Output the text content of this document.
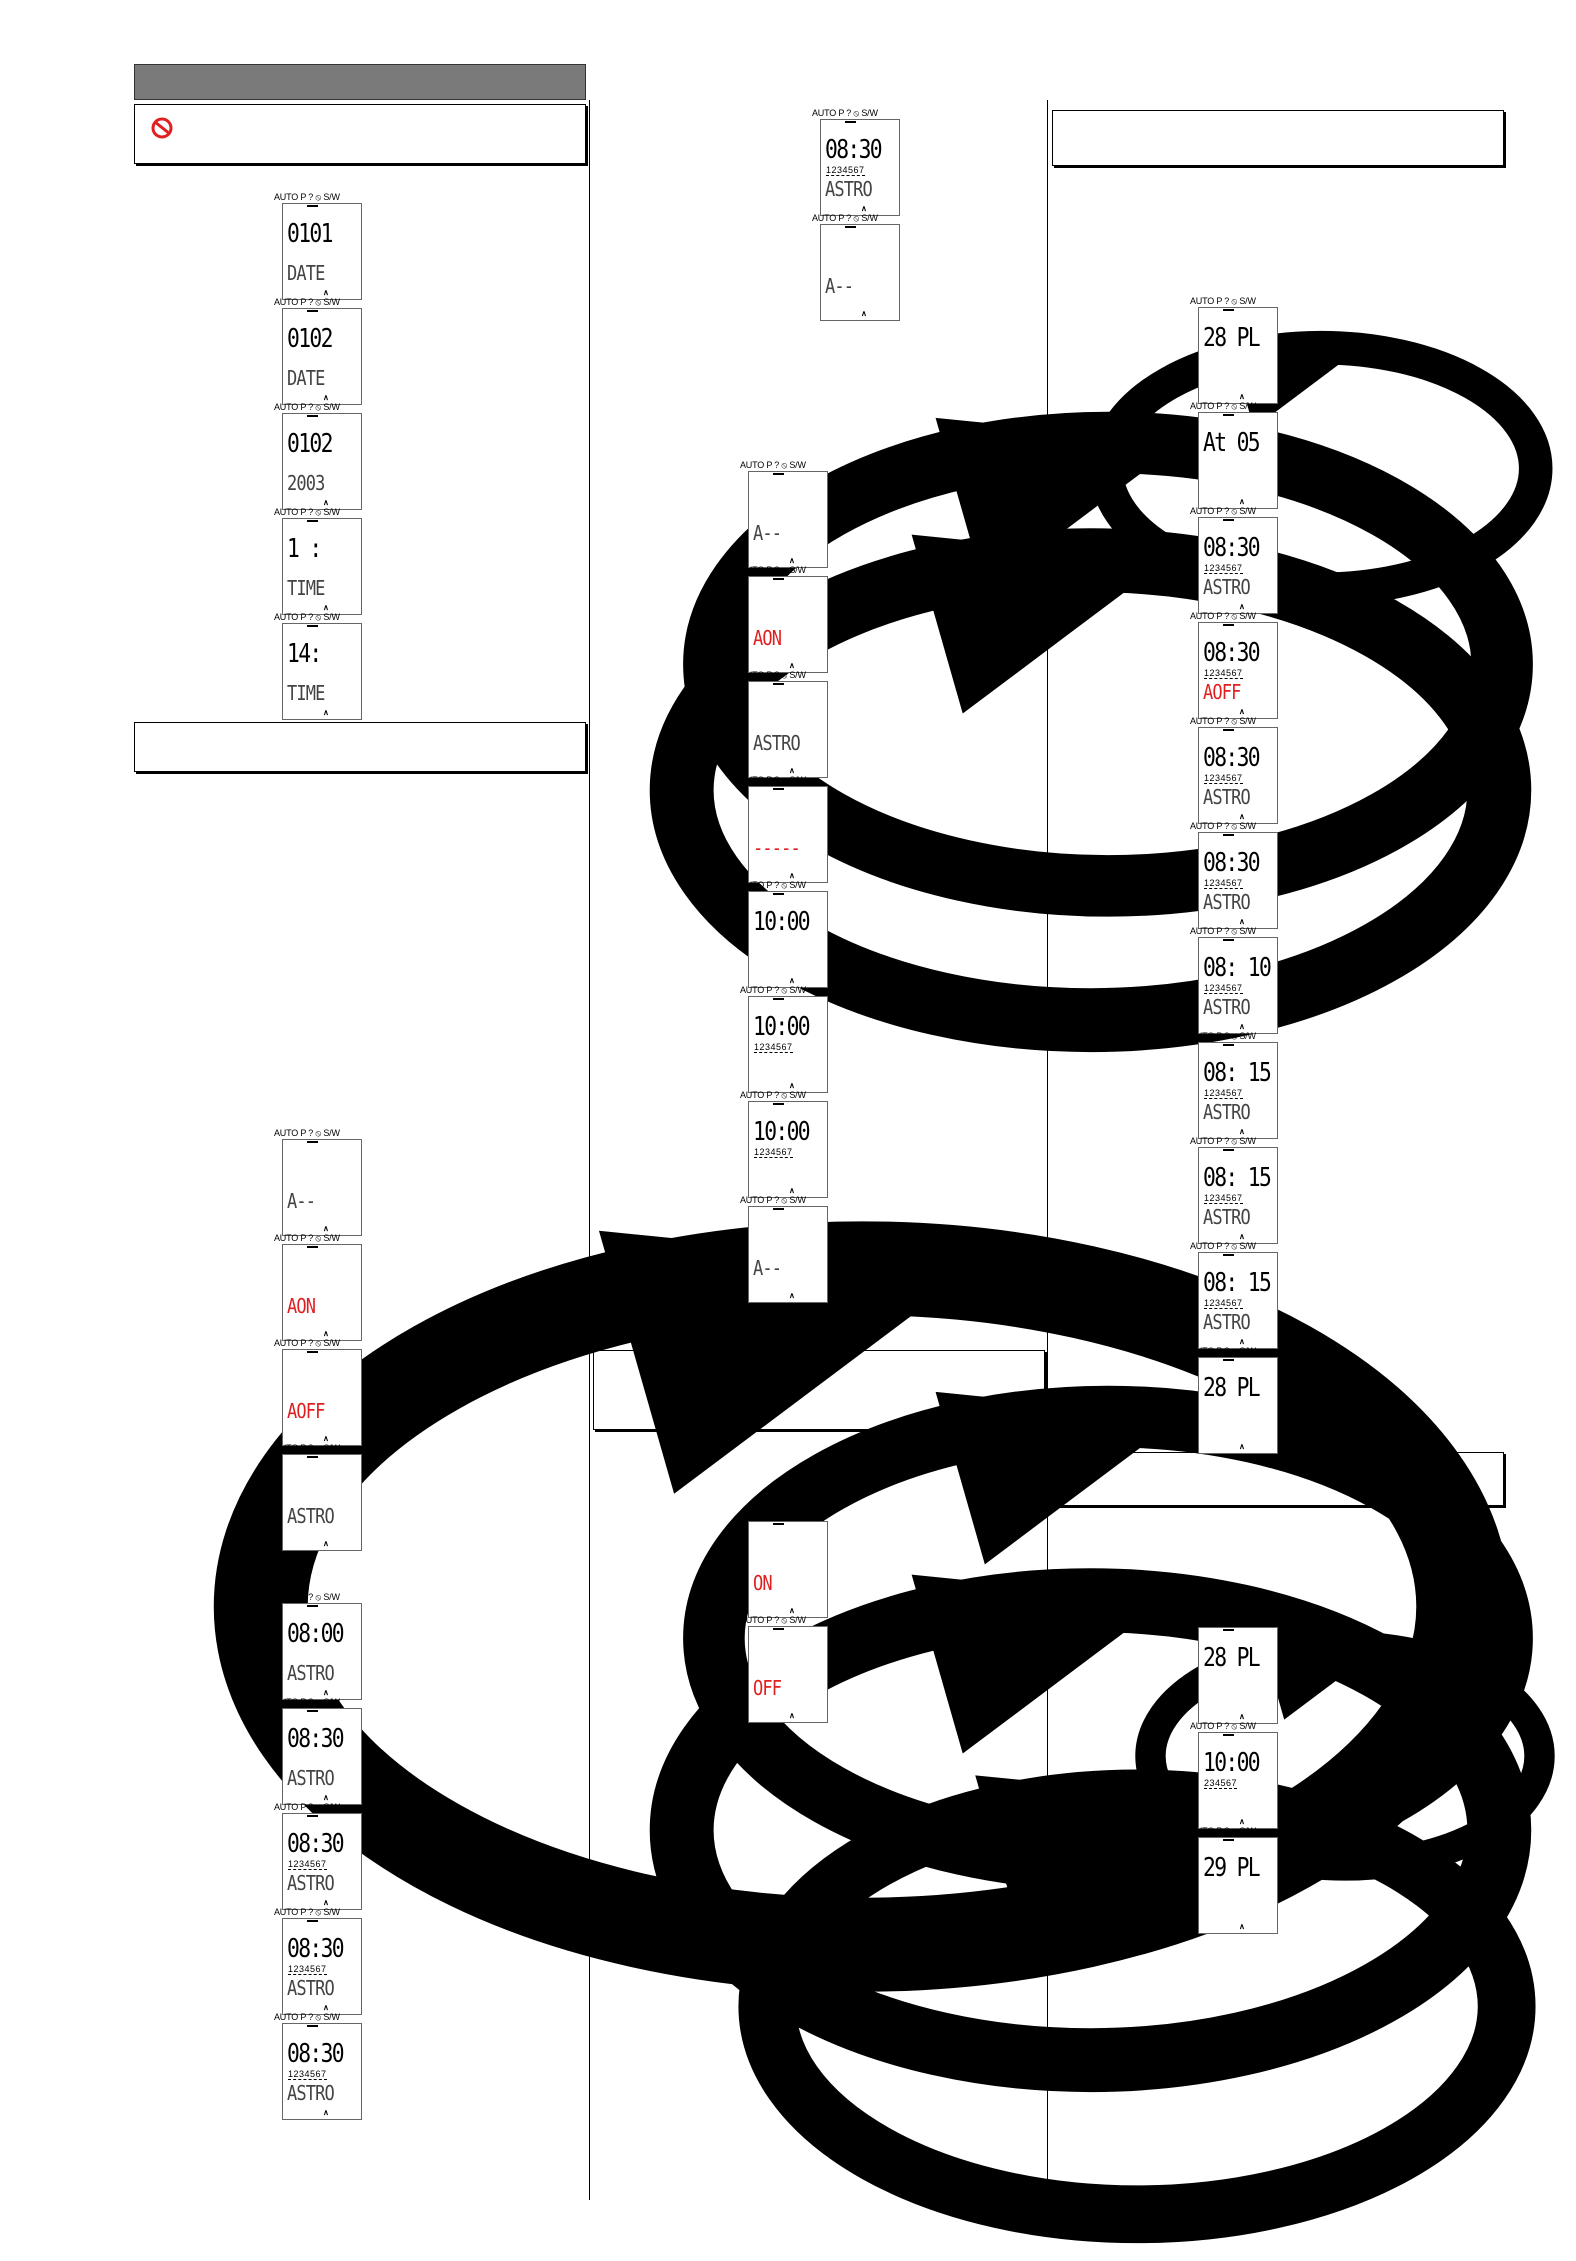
AUTO P ? ⦸ S/W
0101
DATE
∧
AUTO P ? ⦸ S/W
0102
DATE
∧
AUTO P ? ⦸ S/W
0102
2003
∧
AUTO P ? ⦸ S/W
1 :
TIME
∧
AUTO P ? ⦸ S/W
14:
TIME
∧
AUTO P ? ⦸ S/W
A--
∧
AUTO P ? ⦸ S/W
AON
∧
AUTO P ? ⦸ S/W
AOFF
∧
AUTO P ? ⦸ S/W
ASTRO
∧
AUTO P ? ⦸ S/W
08:00
ASTRO
∧
AUTO P ? ⦸ S/W
08:30
ASTRO
∧
AUTO P ? ⦸ S/W
08:30
1234567
ASTRO
∧
AUTO P ? ⦸ S/W
08:30
1234567
ASTRO
∧
AUTO P ? ⦸ S/W
08:30
1234567
ASTRO
∧
AUTO P ? ⦸ S/W
08:30
1234567
ASTRO
∧
AUTO P ? ⦸ S/W
A--
∧
AUTO P ? ⦸ S/W
A--
∧
AUTO P ? ⦸ S/W
AON
∧
AUTO P ? ⦸ S/W
ASTRO
∧
AUTO P ? ⦸ S/W
-----
∧
AUTO P ? ⦸ S/W
10:00
∧
AUTO P ? ⦸ S/W
10:00
1234567
∧
AUTO P ? ⦸ S/W
10:00
1234567
∧
AUTO P ? ⦸ S/W
A--
∧
AUTO P ? ⦸ S/W
ON
∧
AUTO P ? ⦸ S/W
OFF
∧
AUTO P ? ⦸ S/W
28 PL
∧
AUTO P ? ⦸ S/W
At 05
∧
AUTO P ? ⦸ S/W
08:30
1234567
ASTRO
∧
AUTO P ? ⦸ S/W
08:30
1234567
AOFF
∧
AUTO P ? ⦸ S/W
08:30
1234567
ASTRO
∧
AUTO P ? ⦸ S/W
08:30
1234567
ASTRO
∧
AUTO P ? ⦸ S/W
08: 10
1234567
ASTRO
∧
AUTO P ? ⦸ S/W
08: 15
1234567
ASTRO
∧
AUTO P ? ⦸ S/W
08: 15
1234567
ASTRO
∧
AUTO P ? ⦸ S/W
08: 15
1234567
ASTRO
∧
AUTO P ? ⦸ S/W
28 PL
∧
AUTO P ? ⦸ S/W
28 PL
∧
AUTO P ? ⦸ S/W
10:00
234567
∧
AUTO P ? ⦸ S/W
29 PL
∧
